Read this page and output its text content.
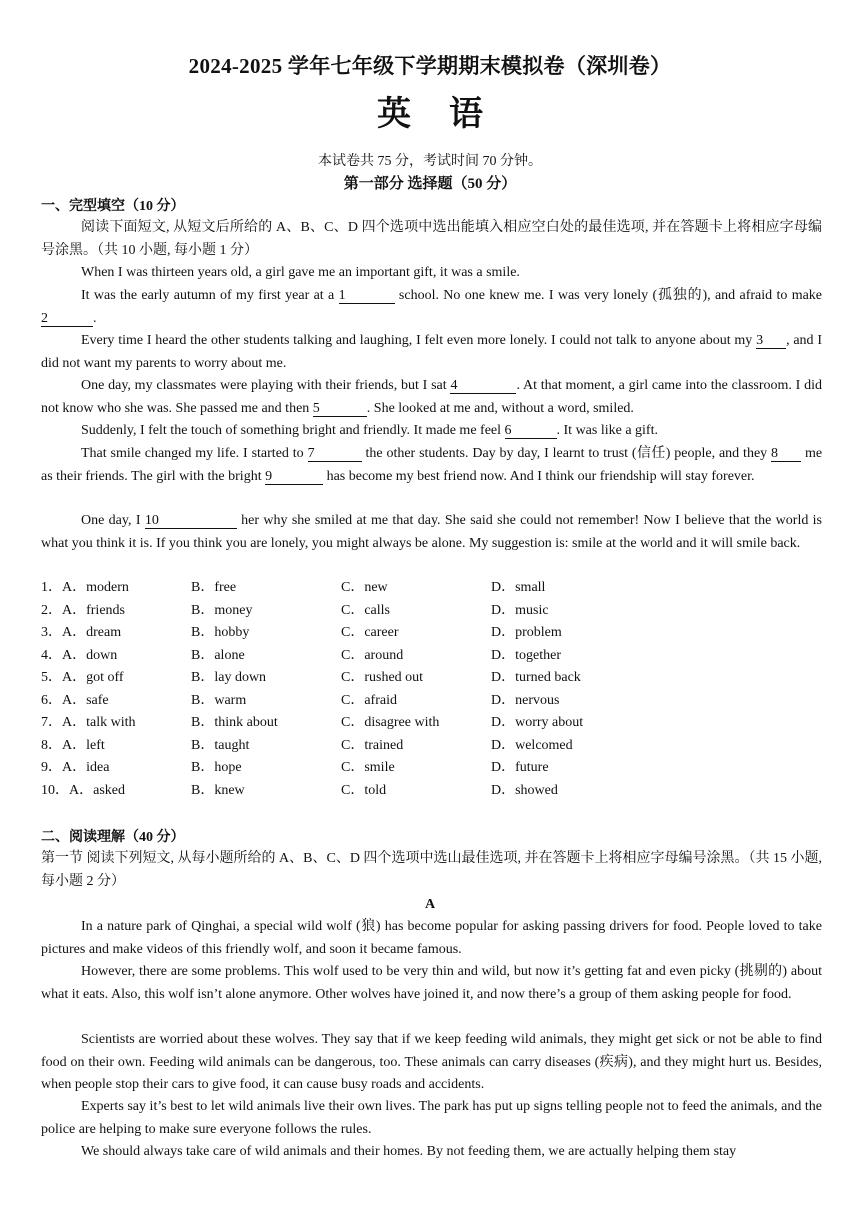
2024-2025 学年七年级下学期期末模拟卷（深圳卷）
英语
本试卷共 75 分，考试时间 70 分钟。
第一部分 选择题（50 分）
一、完型填空（10 分）

阅读下面短文, 从短文后所给的 A、B、C、D 四个选项中选出能填入相应空白处的最佳选项, 并在答题卡上将相应字母编号涂黑。（共 10 小题, 每小题 1 分）

When I was thirteen years old, a girl gave me an important gift, it was a smile.

It was the early autumn of my first year at a 1	school. No one knew me. I was very lonely (孤独的), and afraid to make 2	.

Every time I heard the other students talking and laughing, I felt even more lonely. I could not talk to anyone about my 3 , and I did not want my parents to worry about me.

One day, my classmates were playing with their friends, but I sat 4	. At that moment, a girl came into the classroom. I did not know who she was. She passed me and then 5	. She looked at me and, without a word, smiled.

Suddenly, I felt the touch of something bright and friendly. It made me feel 6	. It was like a gift.

That smile changed my life. I started to 7	the other students. Day by day, I learnt to trust (信任) people, and they 8 me as their friends. The girl with the bright 9	has become my best friend now. And I think our friendship will stay forever.

One day, I 10	her why she smiled at me that day. She said she could not remember! Now I believe that the world is what you think it is. If you think you are lonely, you might always be alone. My suggestion is: smile at the world and it will smile back.

1．A．modern	B．free	C．new	D．small
2．A．friends	B．money	C．calls	D．music
3．A．dream	B．hobby	C．career	D．problem
4．A．down	B．alone	C．around	D．together
5．A．got off	B．lay down	C．rushed out	D．turned back
6．A．safe	B．warm	C．afraid	D．nervous
7．A．talk with	B．think about	C．disagree with	D．worry about
8．A．left	B．taught	C．trained	D．welcomed
9．A．idea	B．hope	C．smile	D．future
10．A．asked	B．knew	C．told	D．showed
二、阅读理解（40 分）

第一节 阅读下列短文, 从每小题所给的 A、B、C、D 四个选项中选山最佳选项, 并在答题卡上将相应字母编号涂黑。（共 15 小题, 每小题 2 分）

A

In a nature park of Qinghai, a special wild wolf (狼) has become popular for asking passing drivers for food. People loved to take pictures and make videos of this friendly wolf, and soon it became famous.

However, there are some problems. This wolf used to be very thin and wild, but now it’s getting fat and even picky (挑剔的) about what it eats. Also, this wolf isn’t alone anymore. Other wolves have joined it, and now there’s a group of them asking people for food.

Scientists are worried about these wolves. They say that if we keep feeding wild animals, they might get sick or not be able to find food on their own. Feeding wild animals can be dangerous, too. These animals can carry diseases (疾病), and they might hurt us. Besides, when people stop their cars to give food, it can cause busy roads and accidents.

Experts say it’s best to let wild animals live their own lives. The park has put up signs telling people not to feed the animals, and the police are helping to make sure everyone follows the rules.

We should always take care of wild animals and their homes. By not feeding them, we are actually helping them stay
